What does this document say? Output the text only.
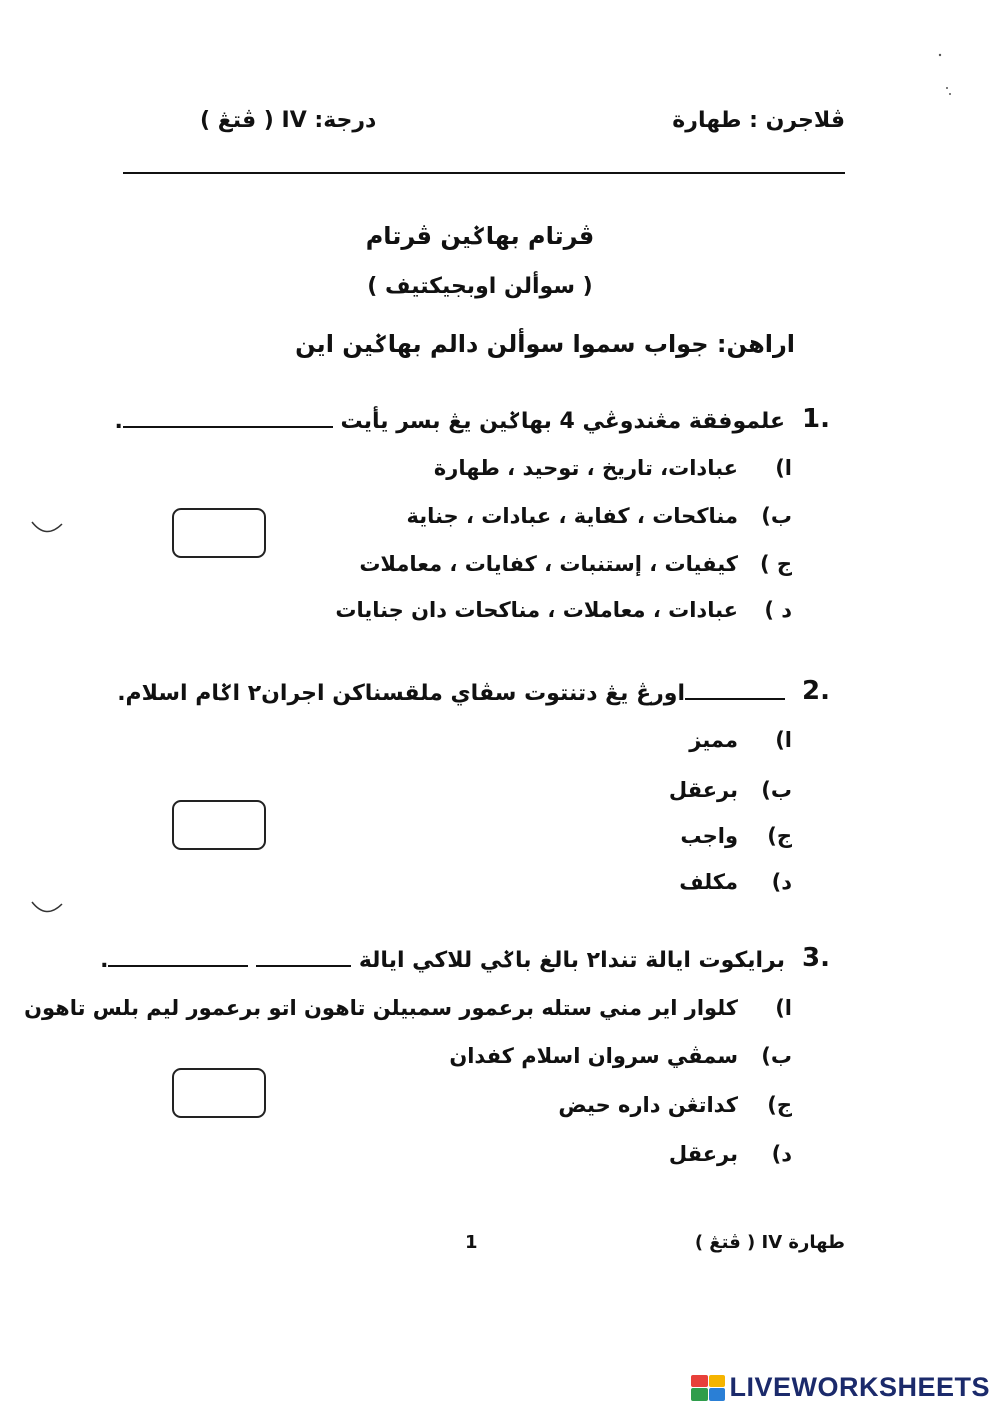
ڤلاجرن : طهارة
درجة: IV ( ڤتڠ )
ڤرتام بهاݢين ڤرتام
( سوألن اوبجيكتيف )
اراهن: جواب سموا سوألن دالم بهاݢين اين
1.
علموفقة مڠندوڠي 4 بهاݢين يڠ بسر يأيت .
ا)عبادات، تاريخ ، توحيد ، طهارة
ب)مناكحات ، كفاية ، عبادات ، جناية
ج )كيفيات ، إستنبات ، كفايات ، معاملات
د )عبادات ، معاملات ، مناكحات دان جنايات
2.
اورڠ يڠ دتنتوت سڤاي ملقسناكن اجران٢ اݢام اسلام.
ا)مميز
ب)برعقل
ج)واجب
د)مكلف
3.
برايكوت ايالة تندا٢ بالغ باݢي للاكي ايالة  .
ا)كلوار اير مني ستله برعمور سمبيلن تاهون اتو برعمور ليم بلس تاهون
ب)سمڤي سروان اسلام كفدان
ج)كداتڠن داره حيض
د)برعقل
طهارة IV ( ڤتڠ )
1
LIVEWORKSHEETS
